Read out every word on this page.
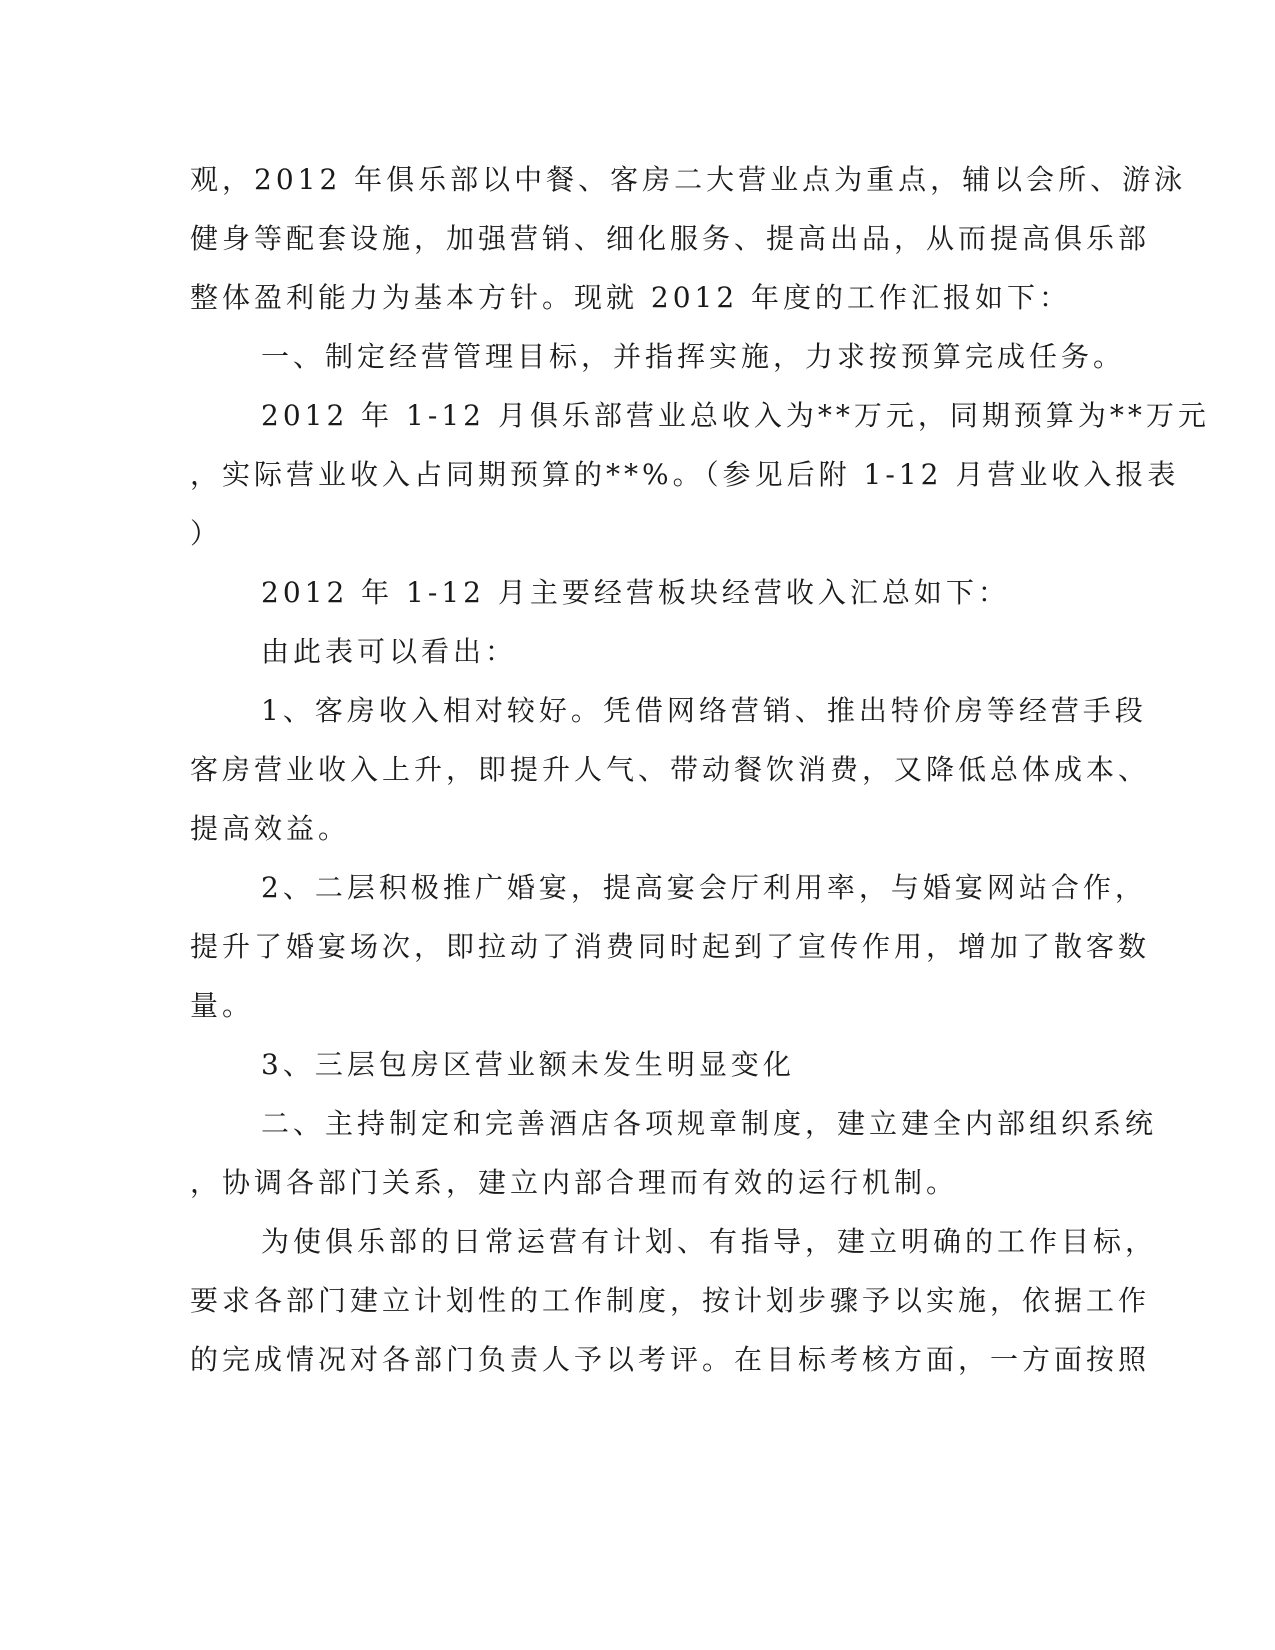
观，2012 年俱乐部以中餐、客房二大营业点为重点，辅以会所、游泳
健身等配套设施，加强营销、细化服务、提高出品，从而提高俱乐部
整体盈利能力为基本方针。现就 2012 年度的工作汇报如下：
一、制定经营管理目标，并指挥实施，力求按预算完成任务。
2012 年 1-12 月俱乐部营业总收入为**万元，同期预算为**万元
，实际营业收入占同期预算的**%。（参见后附 1-12 月营业收入报表
）
2012 年 1-12 月主要经营板块经营收入汇总如下：
由此表可以看出：
1、客房收入相对较好。凭借网络营销、推出特价房等经营手段
客房营业收入上升，即提升人气、带动餐饮消费，又降低总体成本、
提高效益。
2、二层积极推广婚宴，提高宴会厅利用率，与婚宴网站合作，
提升了婚宴场次，即拉动了消费同时起到了宣传作用，增加了散客数
量。
3、三层包房区营业额未发生明显变化
二、主持制定和完善酒店各项规章制度，建立建全内部组织系统
，协调各部门关系，建立内部合理而有效的运行机制。
为使俱乐部的日常运营有计划、有指导，建立明确的工作目标，
要求各部门建立计划性的工作制度，按计划步骤予以实施，依据工作
的完成情况对各部门负责人予以考评。在目标考核方面，一方面按照
